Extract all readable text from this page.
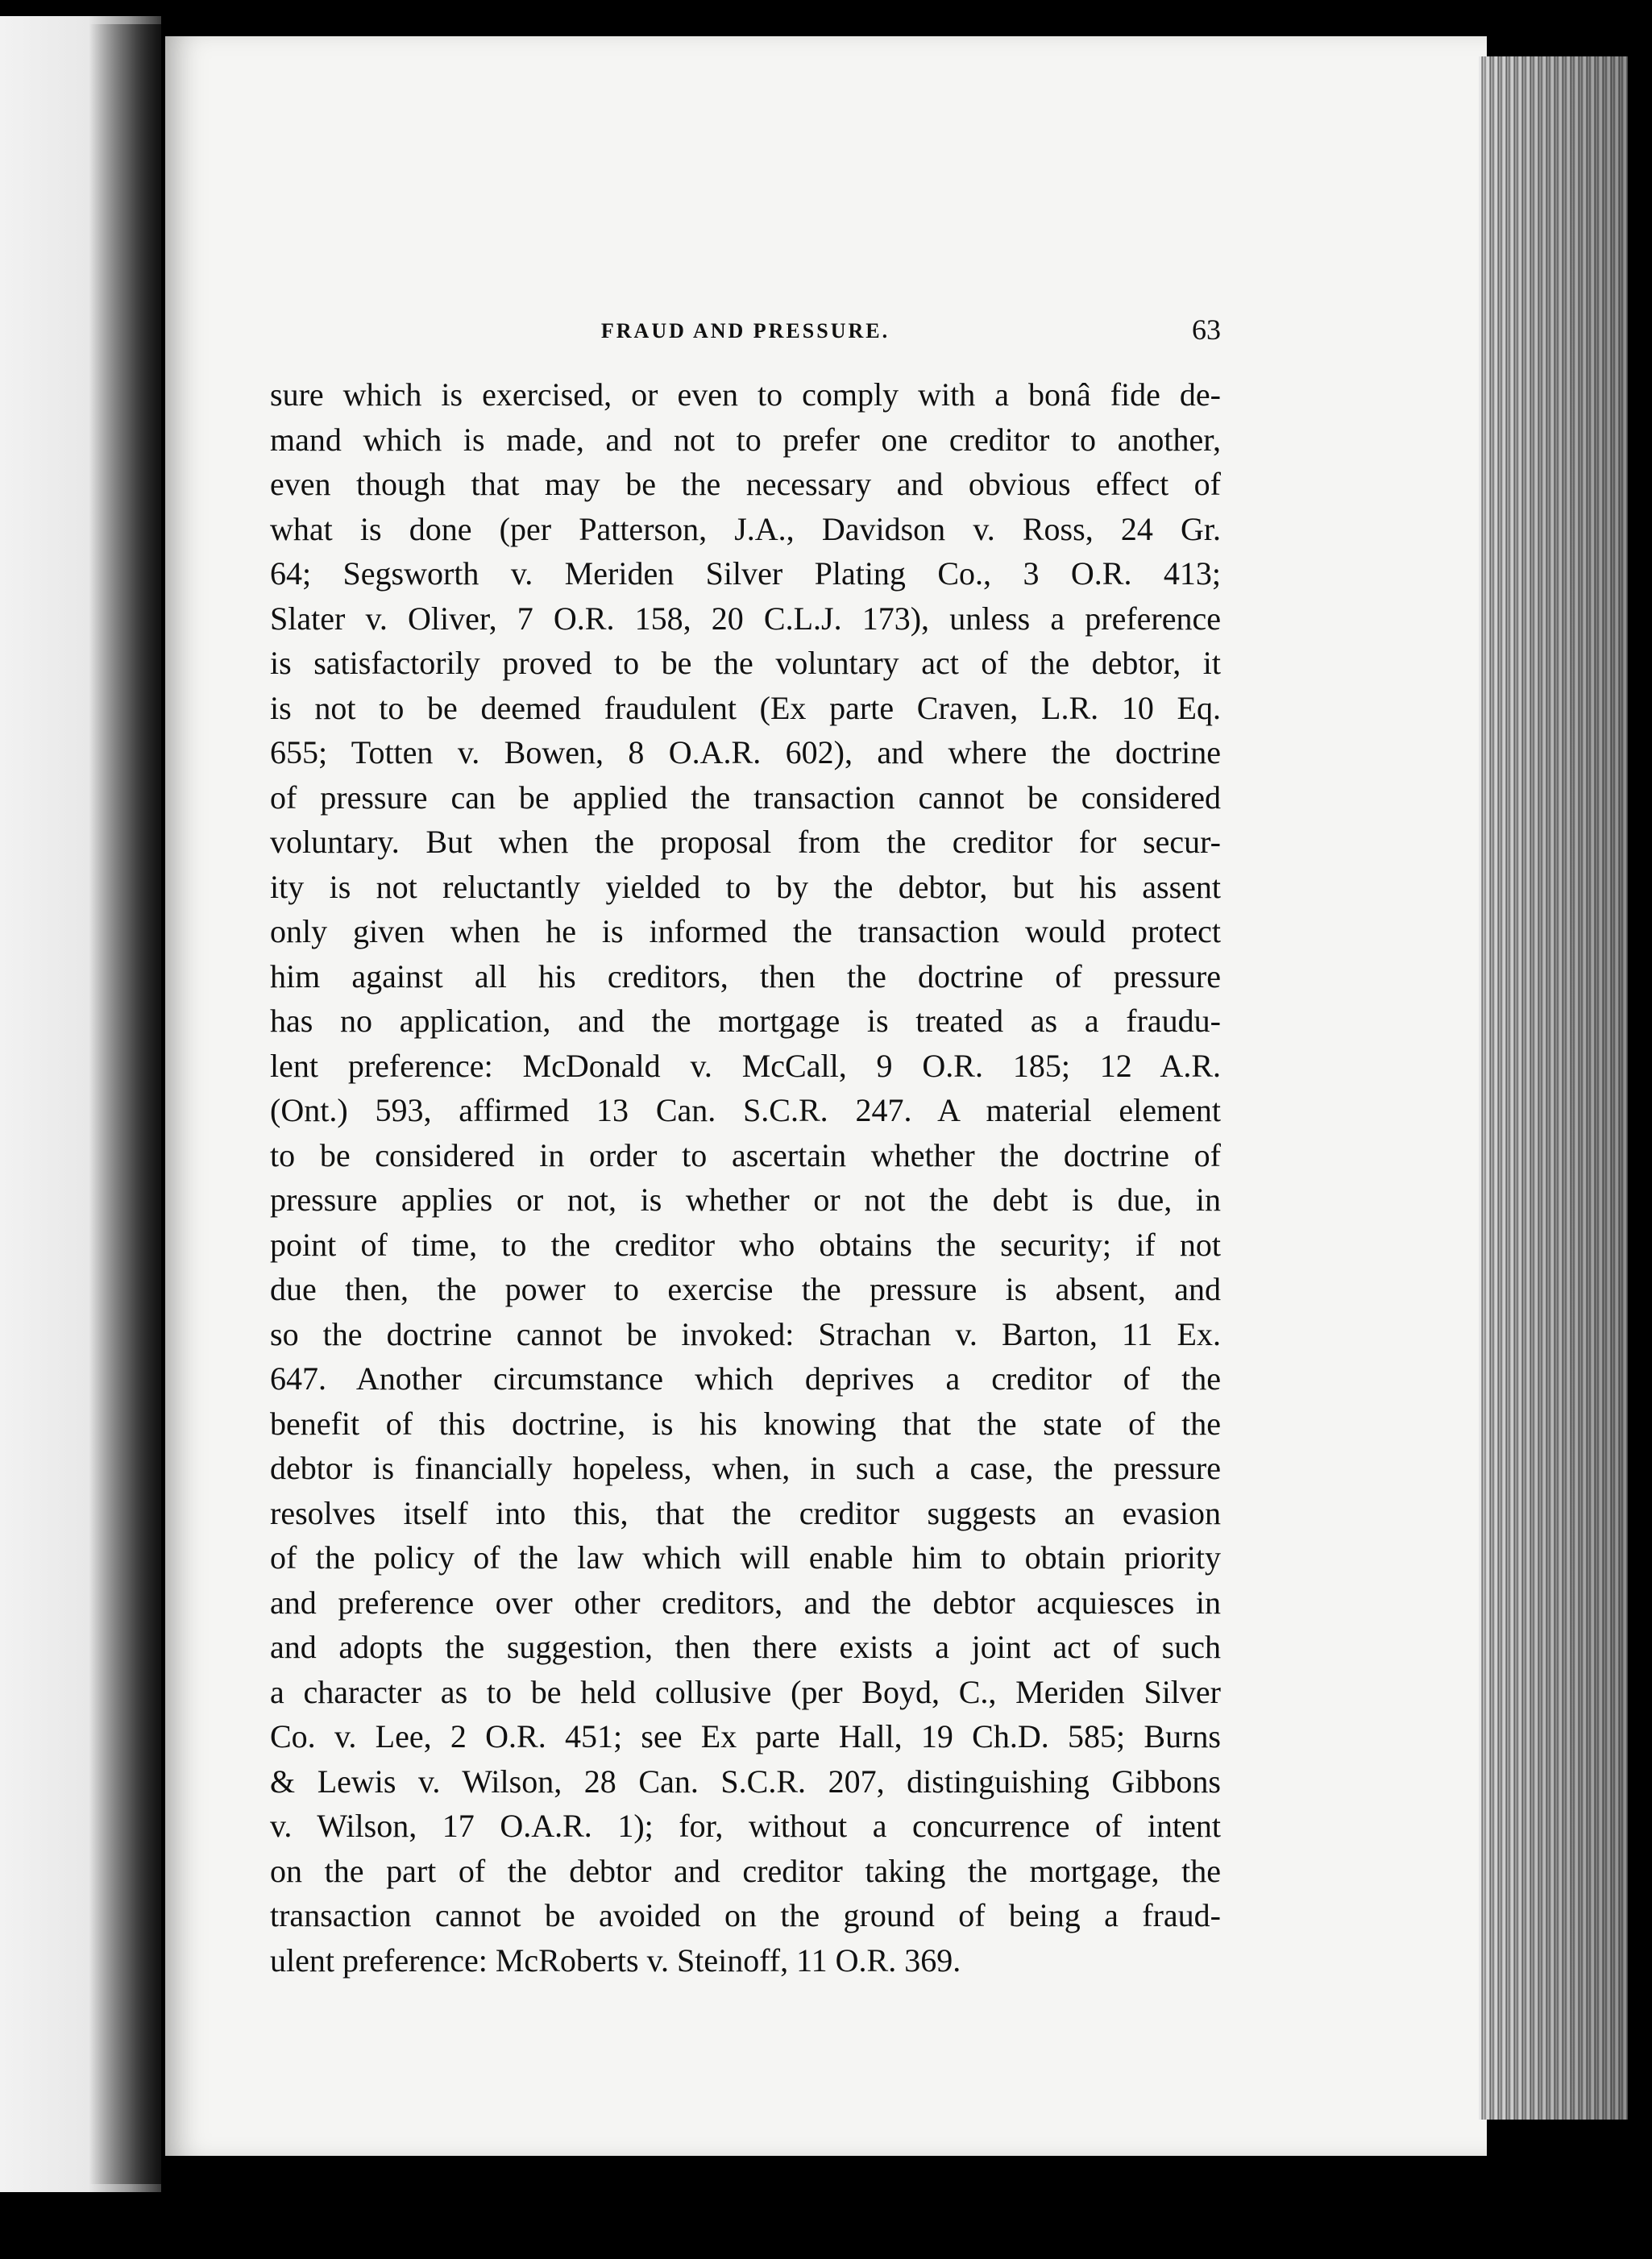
FRAUD AND PRESSURE.	63
sure which is exercised, or even to comply with a bonâ fide de-
mand which is made, and not to prefer one creditor to another,
even though that may be the necessary and obvious effect of
what is done (per Patterson, J.A., Davidson v. Ross, 24 Gr.
64; Segsworth v. Meriden Silver Plating Co., 3 O.R. 413;
Slater v. Oliver, 7 O.R. 158, 20 C.L.J. 173), unless a preference
is satisfactorily proved to be the voluntary act of the debtor, it
is not to be deemed fraudulent (Ex parte Craven, L.R. 10 Eq.
655; Totten v. Bowen, 8 O.A.R. 602), and where the doctrine
of pressure can be applied the transaction cannot be considered
voluntary. But when the proposal from the creditor for secur-
ity is not reluctantly yielded to by the debtor, but his assent
only given when he is informed the transaction would protect
him against all his creditors, then the doctrine of pressure
has no application, and the mortgage is treated as a fraudu-
lent preference: McDonald v. McCall, 9 O.R. 185; 12 A.R.
(Ont.) 593, affirmed 13 Can. S.C.R. 247. A material element
to be considered in order to ascertain whether the doctrine of
pressure applies or not, is whether or not the debt is due, in
point of time, to the creditor who obtains the security; if not
due then, the power to exercise the pressure is absent, and
so the doctrine cannot be invoked: Strachan v. Barton, 11 Ex.
647. Another circumstance which deprives a creditor of the
benefit of this doctrine, is his knowing that the state of the
debtor is financially hopeless, when, in such a case, the pressure
resolves itself into this, that the creditor suggests an evasion
of the policy of the law which will enable him to obtain priority
and preference over other creditors, and the debtor acquiesces in
and adopts the suggestion, then there exists a joint act of such
a character as to be held collusive (per Boyd, C., Meriden Silver
Co. v. Lee, 2 O.R. 451; see Ex parte Hall, 19 Ch.D. 585; Burns
& Lewis v. Wilson, 28 Can. S.C.R. 207, distinguishing Gibbons
v. Wilson, 17 O.A.R. 1); for, without a concurrence of intent
on the part of the debtor and creditor taking the mortgage, the
transaction cannot be avoided on the ground of being a fraud-
ulent preference: McRoberts v. Steinoff, 11 O.R. 369.
